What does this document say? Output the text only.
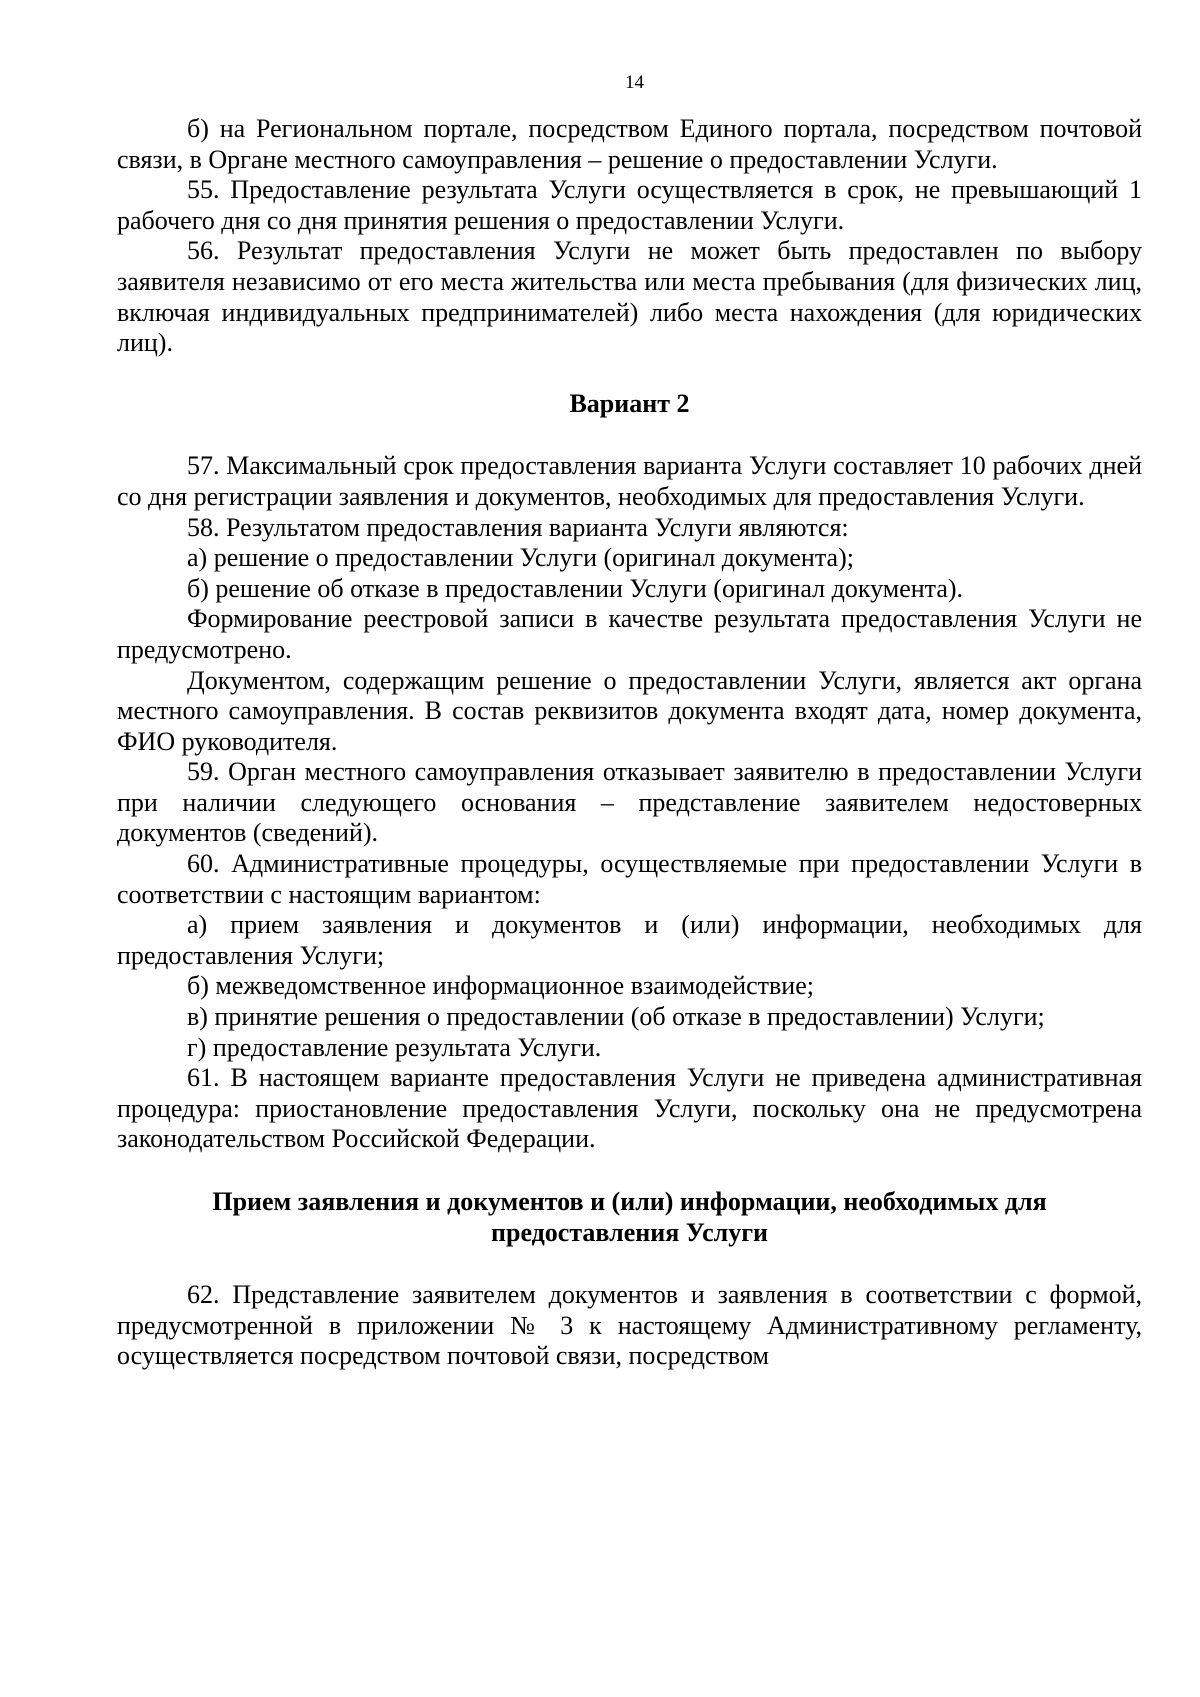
14

б) на Региональном портале, посредством Единого портала, посредством почтовой связи, в Органе местного самоуправления – решение о предоставлении Услуги.

55. Предоставление результата Услуги осуществляется в срок, не превышающий 1 рабочего дня со дня принятия решения о предоставлении Услуги.

56. Результат предоставления Услуги не может быть предоставлен по выбору заявителя независимо от его места жительства или места пребывания (для физических лиц, включая индивидуальных предпринимателей) либо места нахождения (для юридических лиц).

Вариант 2

57. Максимальный срок предоставления варианта Услуги составляет 10 рабочих дней со дня регистрации заявления и документов, необходимых для предоставления Услуги.

58. Результатом предоставления варианта Услуги являются:

а) решение о предоставлении Услуги (оригинал документа);

б) решение об отказе в предоставлении Услуги (оригинал документа).

Формирование реестровой записи в качестве результата предоставления Услуги не предусмотрено.

Документом, содержащим решение о предоставлении Услуги, является акт органа местного самоуправления. В состав реквизитов документа входят дата, номер документа, ФИО руководителя.

59. Орган местного самоуправления отказывает заявителю в предоставлении Услуги при наличии следующего основания – представление заявителем недостоверных документов (сведений).

60. Административные процедуры, осуществляемые при предоставлении Услуги в соответствии с настоящим вариантом:

а) прием заявления и документов и (или) информации, необходимых для предоставления Услуги;

б) межведомственное информационное взаимодействие;

в) принятие решения о предоставлении (об отказе в предоставлении) Услуги;

г) предоставление результата Услуги.

61. В настоящем варианте предоставления Услуги не приведена административная процедура: приостановление предоставления Услуги, поскольку она не предусмотрена законодательством Российской Федерации.

Прием заявления и документов и (или) информации, необходимых для
предоставления Услуги

62. Представление заявителем документов и заявления в соответствии с формой, предусмотренной в приложении № 3 к настоящему Административному регламенту, осуществляется посредством почтовой связи, посредством
